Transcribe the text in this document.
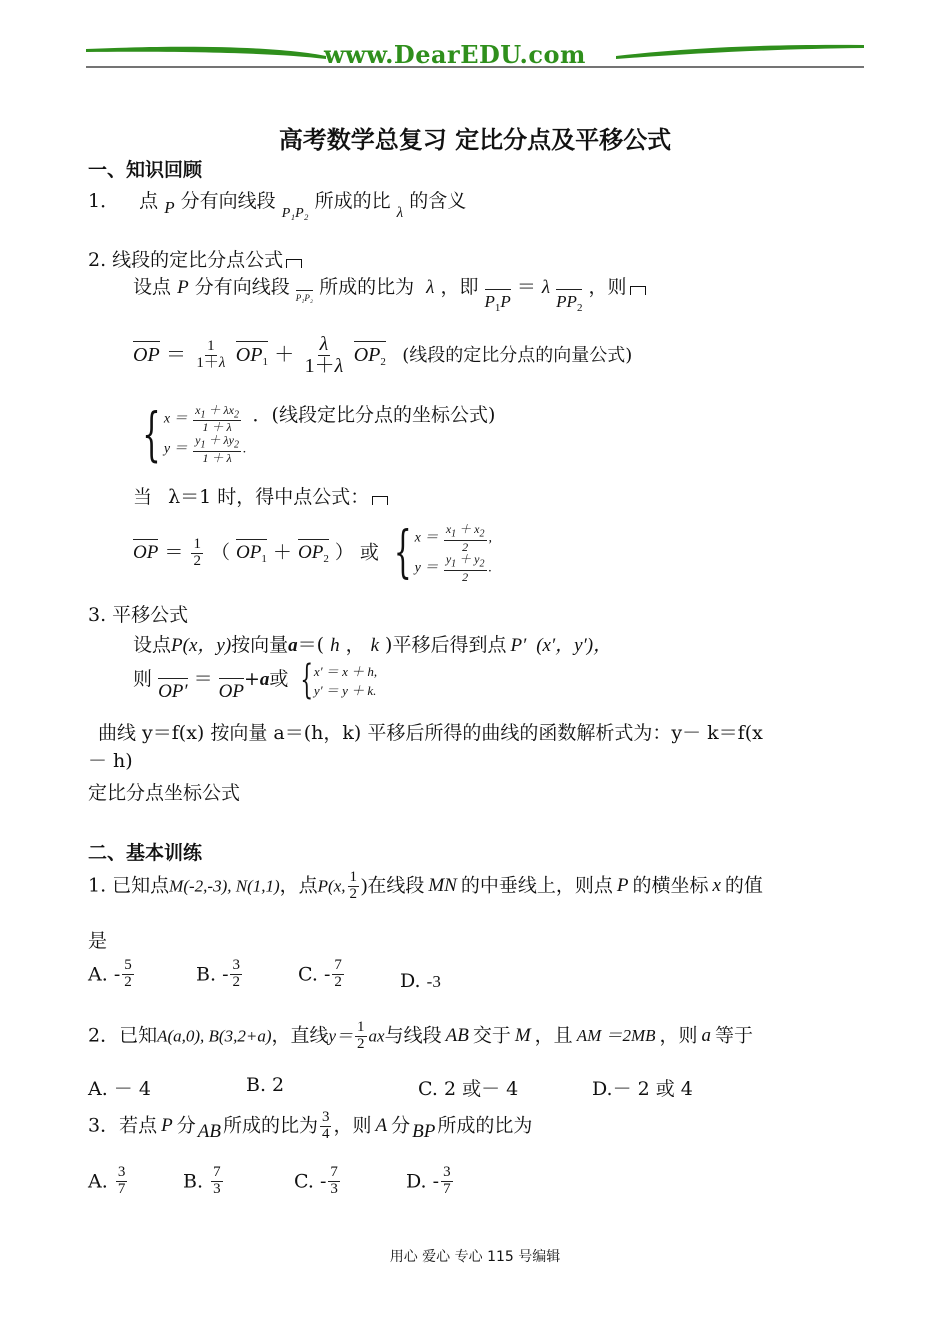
www.DearEDU.com
高考数学总复习 定比分点及平移公式
一、知识回顾
1． 点 P 分有向线段 $_{P_1P_2}$ 所成的比 $_\lambda$ 的含义
2. 线段的定比分点公式
设点 P 分有向线段 P₁P₂ 所成的比为 λ ，即 $P_1P = \lambda$ $PP_2$ ，则
OP ＝ $\frac{1}{1+\lambda} OP_1 + \frac{\lambda}{1+\lambda} OP_2$ (线段的定比分点的向量公式)
{ $x = \frac{x_1 + \lambda x_2}{1 + \lambda}$
$y = \frac{y_1 + \lambda y_2}{1 + \lambda}$ .
．(线段定比分点的坐标公式)
当 λ＝1 时，得中点公式：
OP ＝ $\frac{1}{2}$ （ $OP_1 + OP_2$ ） 或 { $x = \frac{x_1 + x_2}{2}$ ,
$y = \frac{y_1 + y_2}{2}$ .
3. 平移公式
设点P(x，y)按向量a＝( h ， k )平移后得到点 P′ (x′，y′)，
则 OP′ ＝ OP+a或 { x′ ＝ x ＋ h,
y′ ＝ y ＋ k.
曲线 y＝f(x) 按向量 a＝(h，k) 平移后所得的曲线的函数解析式为：y－ k＝f(x
－ h)
定比分点坐标公式
二、基本训练
1. 已知点M(-2,-3), N(1,1)，点P(x, $\frac{1}{2}$ )在线段 MN 的中垂线上，则点 P 的横坐标 x 的值
是
A. - $\frac{5}{2}$	B. - $\frac{3}{2}$	C. - $\frac{7}{2}$	D. -3
2．已知A(a,0), B(3,2+a)，直线$y= \frac{1}{2}$ ax与线段 AB 交于 M ，且 AM ＝2MB ，则 a 等于
A. － 4	B. 2	C. 2 或－ 4	D.－ 2 或 4
3．若点 P 分 AB 所成的比为 $\frac{3}{4}$ ，则 A 分 BP 所成的比为
A. $\frac{3}{7}$	B. $\frac{7}{3}$	C. - $\frac{7}{3}$	D. - $\frac{3}{7}$
用心 爱心 专心 115 号编辑
